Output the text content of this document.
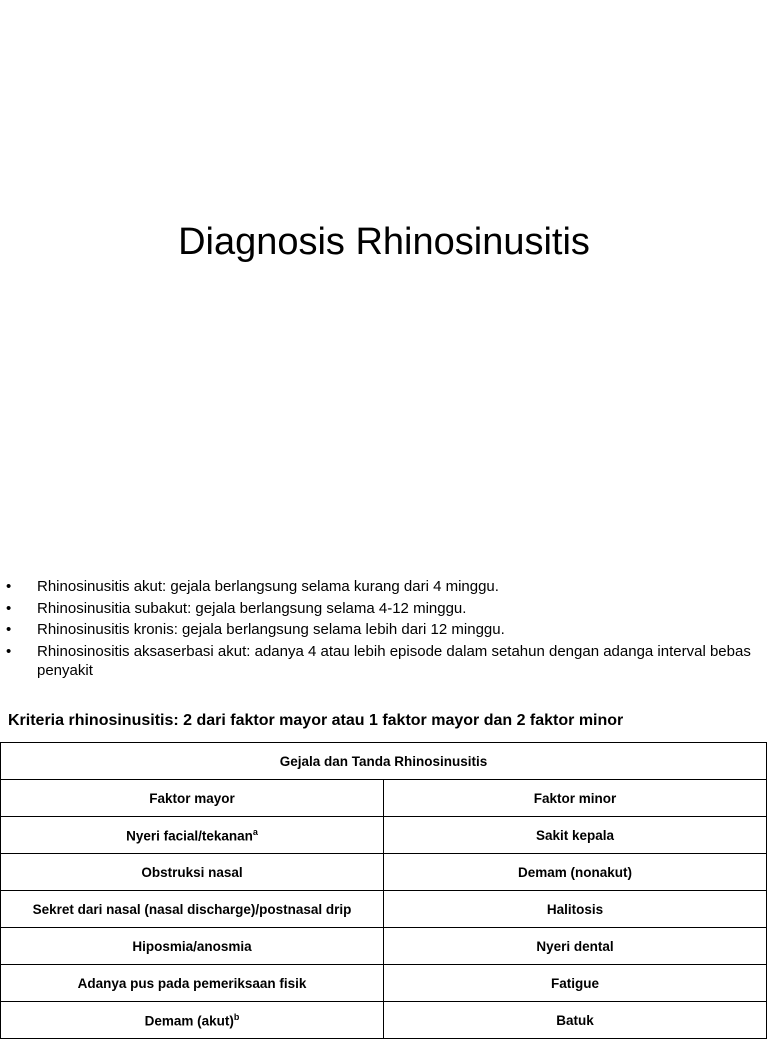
Diagnosis Rhinosinusitis
•	Rhinosinusitis akut: gejala berlangsung selama kurang dari 4 minggu.
•	Rhinosinusitia subakut: gejala berlangsung selama 4-12 minggu.
•	Rhinosinusitis kronis: gejala berlangsung selama lebih dari 12 minggu.
•	Rhinosinositis aksaserbasi akut: adanya 4 atau lebih episode dalam setahun dengan adanga interval bebas penyakit

Kriteria rhinosinusitis: 2 dari faktor mayor atau 1 faktor mayor dan 2 faktor minor

Gejala dan Tanda Rhinosinusitis	
Faktor mayor	Faktor minor
Nyeri facial/tekanan$^a$	Sakit kepala
Obstruksi nasal	Demam (nonakut)
Sekret dari nasal (nasal discharge)/postnasal drip	Halitosis
Hiposmia/anosmia	Nyeri dental
Adanya pus pada pemeriksaan fisik	Fatigue
Demam (akut)$^b$	Batuk
